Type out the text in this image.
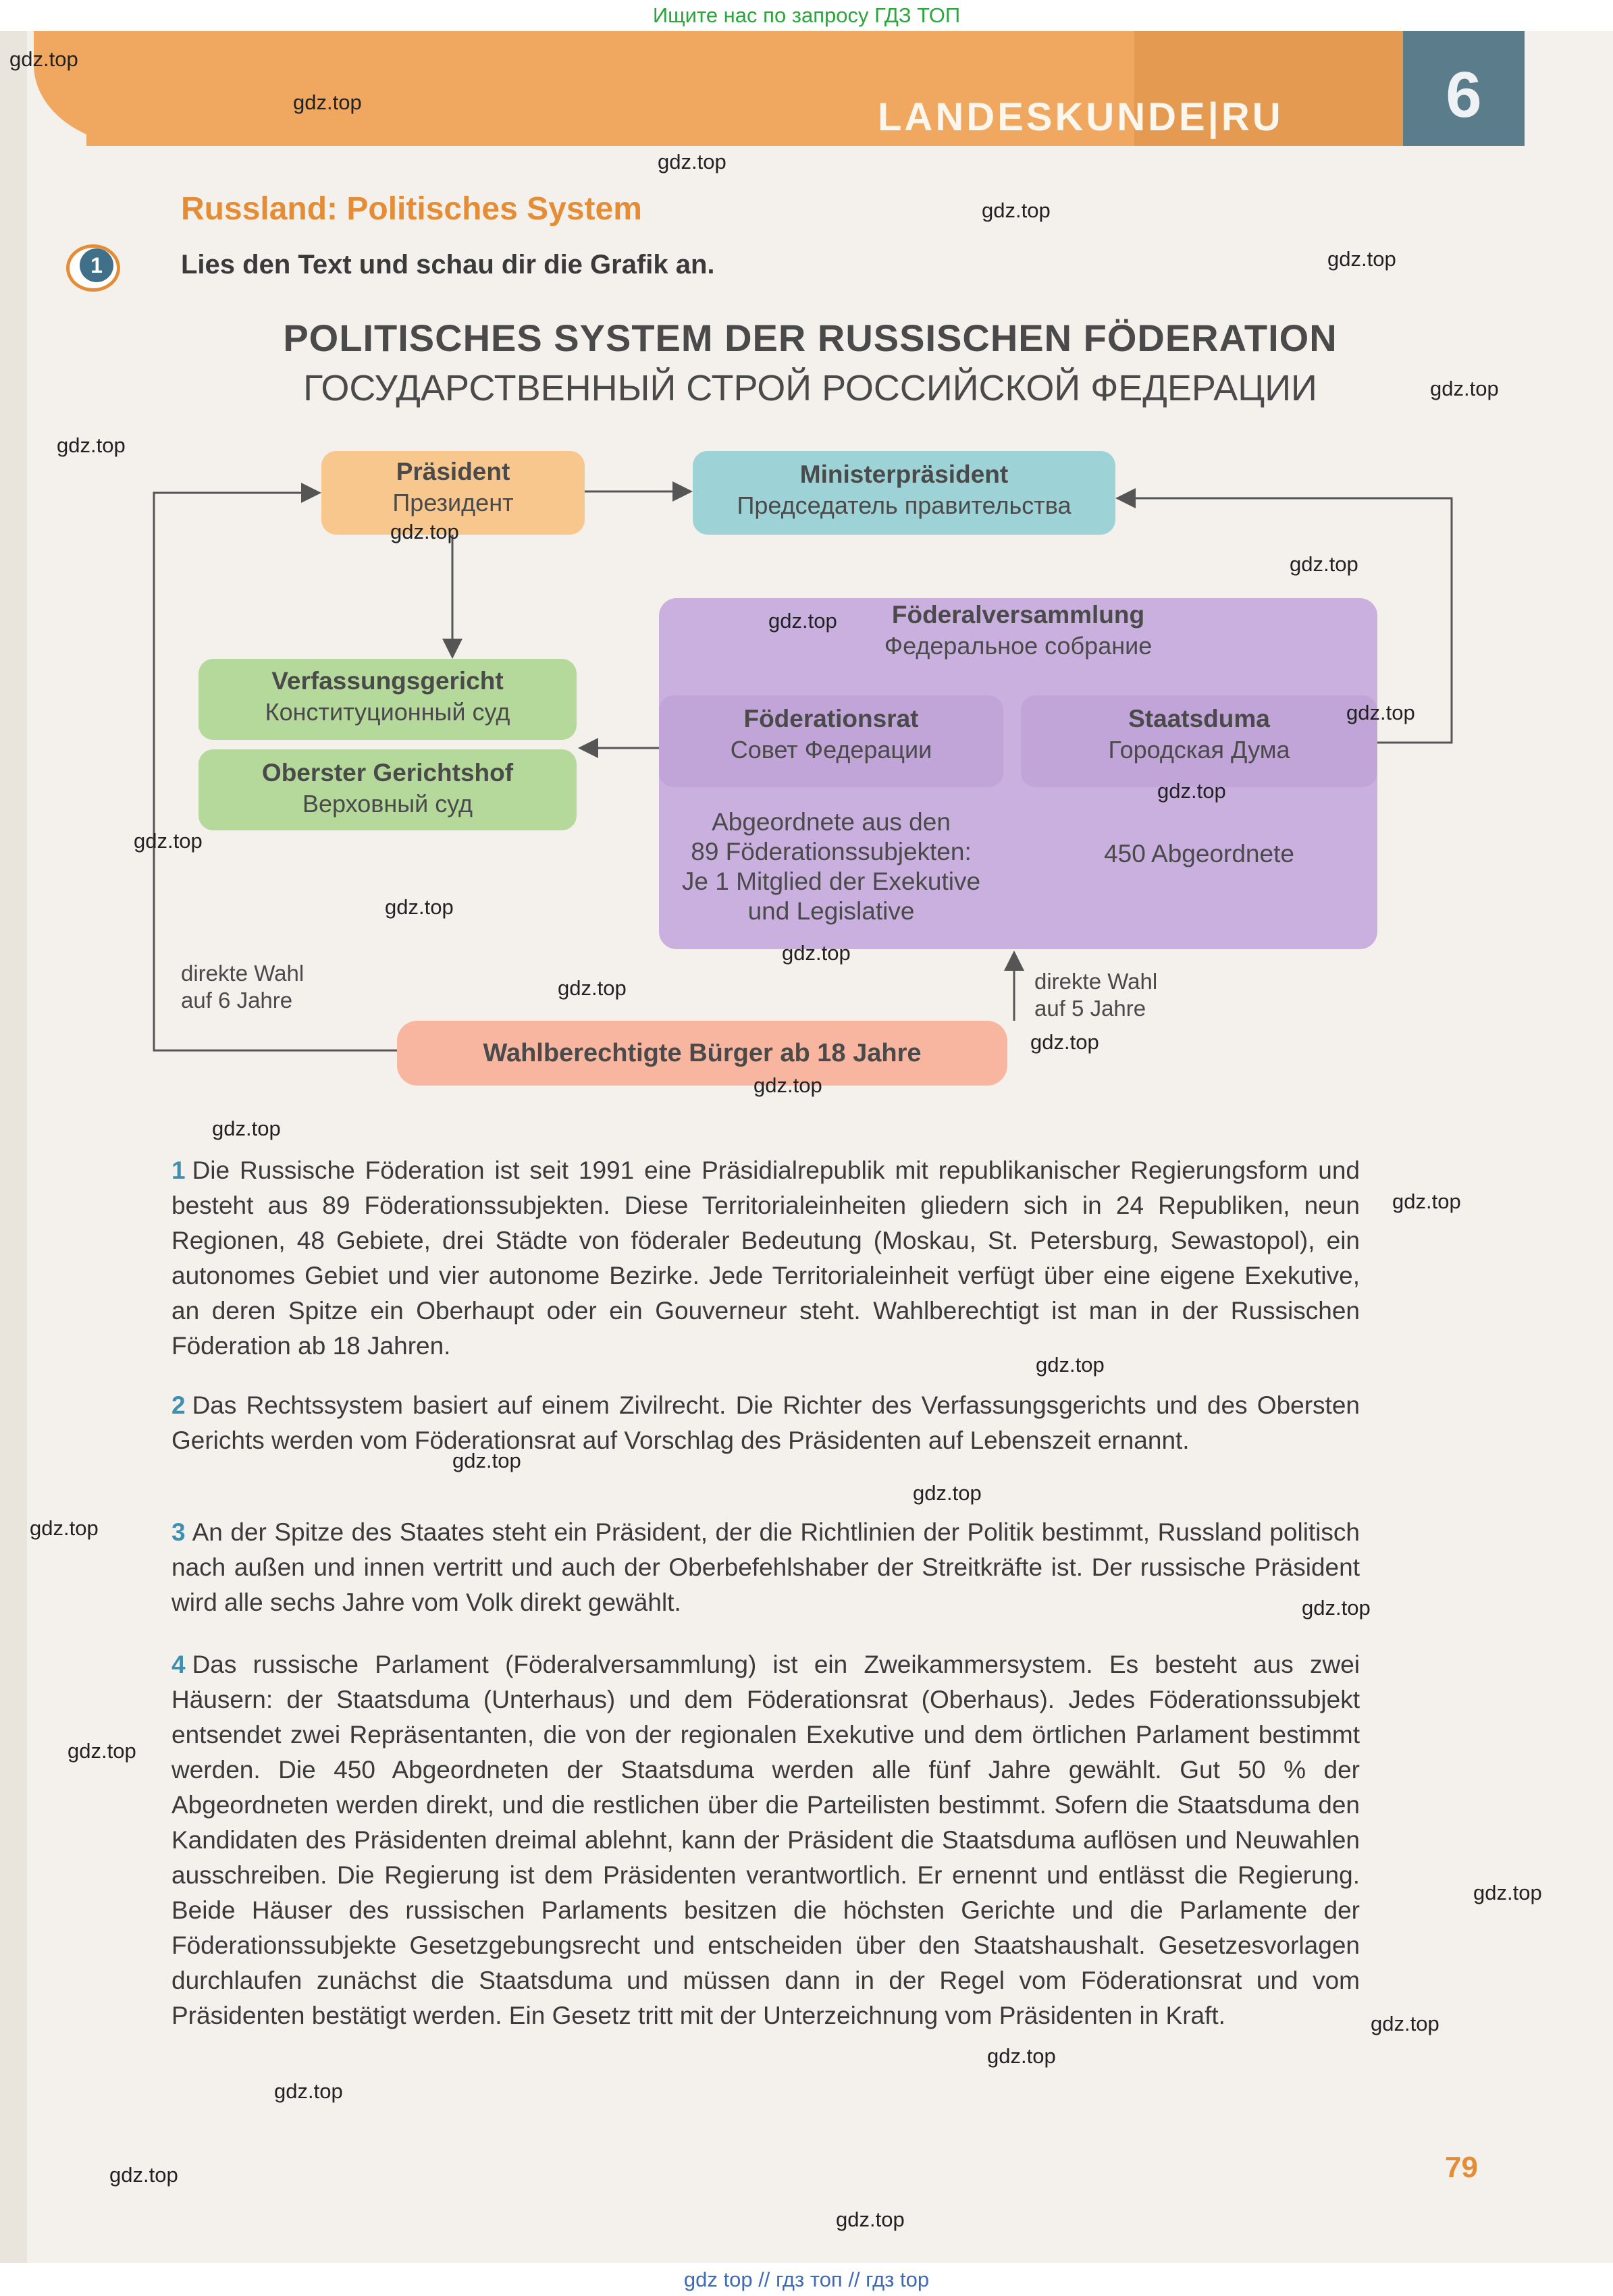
Ищите нас по запросу ГДЗ ТОП
LANDESKUNDE|RU	6
Russland: Politisches System
1	Lies den Text und schau dir die Grafik an.
POLITISCHES SYSTEM DER RUSSISCHEN FÖDERATION
ГОСУДАРСТВЕННЫЙ СТРОЙ РОССИЙСКОЙ ФЕДЕРАЦИИ
Präsident
Президент
Ministerpräsident
Председатель правительства
Verfassungsgericht
Конституционный суд
Oberster Gerichtshof
Верховный суд
Föderalversammlung
Федеральное собрание
Föderationsrat
Совет Федерации
Staatsduma
Городская Дума
Abgeordnete aus den
89 Föderationssubjekten:
Je 1 Mitglied der Exekutive
und Legislative
450 Abgeordnete
direkte Wahl
auf 6 Jahre
direkte Wahl
auf 5 Jahre
Wahlberechtigte Bürger ab 18 Jahre
1 Die Russische Föderation ist seit 1991 eine Präsidialrepublik mit republikanischer Regierungsform und besteht aus 89 Föderationssubjekten. Diese Territorialeinheiten gliedern sich in 24 Republiken, neun Regionen, 48 Gebiete, drei Städte von föderaler Bedeutung (Moskau, St. Petersburg, Sewastopol), ein autonomes Gebiet und vier autonome Bezirke. Jede Territorialeinheit verfügt über eine eigene Exekutive, an deren Spitze ein Oberhaupt oder ein Gouverneur steht. Wahlberechtigt ist man in der Russischen Föderation ab 18 Jahren.
2 Das Rechtssystem basiert auf einem Zivilrecht. Die Richter des Verfassungsgerichts und des Obersten Gerichts werden vom Föderationsrat auf Vorschlag des Präsidenten auf Lebenszeit ernannt.
3 An der Spitze des Staates steht ein Präsident, der die Richtlinien der Politik bestimmt, Russland politisch nach außen und innen vertritt und auch der Oberbefehlshaber der Streitkräfte ist. Der russische Präsident wird alle sechs Jahre vom Volk direkt gewählt.
4 Das russische Parlament (Föderalversammlung) ist ein Zweikammersystem. Es besteht aus zwei Häusern: der Staatsduma (Unterhaus) und dem Föderationsrat (Oberhaus). Jedes Föderationssubjekt entsendet zwei Repräsentanten, die von der regionalen Exekutive und dem örtlichen Parlament bestimmt werden. Die 450 Abgeordneten der Staatsduma werden alle fünf Jahre gewählt. Gut 50 % der Abgeordneten werden direkt, und die restlichen über die Parteilisten bestimmt. Sofern die Staatsduma den Kandidaten des Präsidenten dreimal ablehnt, kann der Präsident die Staatsduma auflösen und Neuwahlen ausschreiben. Die Regierung ist dem Präsidenten verantwortlich. Er ernennt und entlässt die Regierung. Beide Häuser des russischen Parlaments besitzen die höchsten Gerichte und die Parlamente der Föderationssubjekte Gesetzgebungsrecht und entscheiden über den Staatshaushalt. Gesetzesvorlagen durchlaufen zunächst die Staatsduma und müssen dann in der Regel vom Föderationsrat und vom Präsidenten bestätigt werden. Ein Gesetz tritt mit der Unterzeichnung vom Präsidenten in Kraft.
79
gdz.top
gdz.top
gdz.top
gdz.top
gdz.top
gdz.top
gdz.top
gdz.top
gdz.top
gdz.top
gdz.top
gdz.top
gdz.top
gdz.top
gdz.top
gdz.top
gdz.top
gdz.top
gdz.top
gdz.top
gdz.top
gdz.top
gdz.top
gdz.top
gdz.top
gdz.top
gdz.top
gdz.top
gdz.top
gdz.top
gdz.top
gdz.top
gdz top // гдз топ // гдз top
